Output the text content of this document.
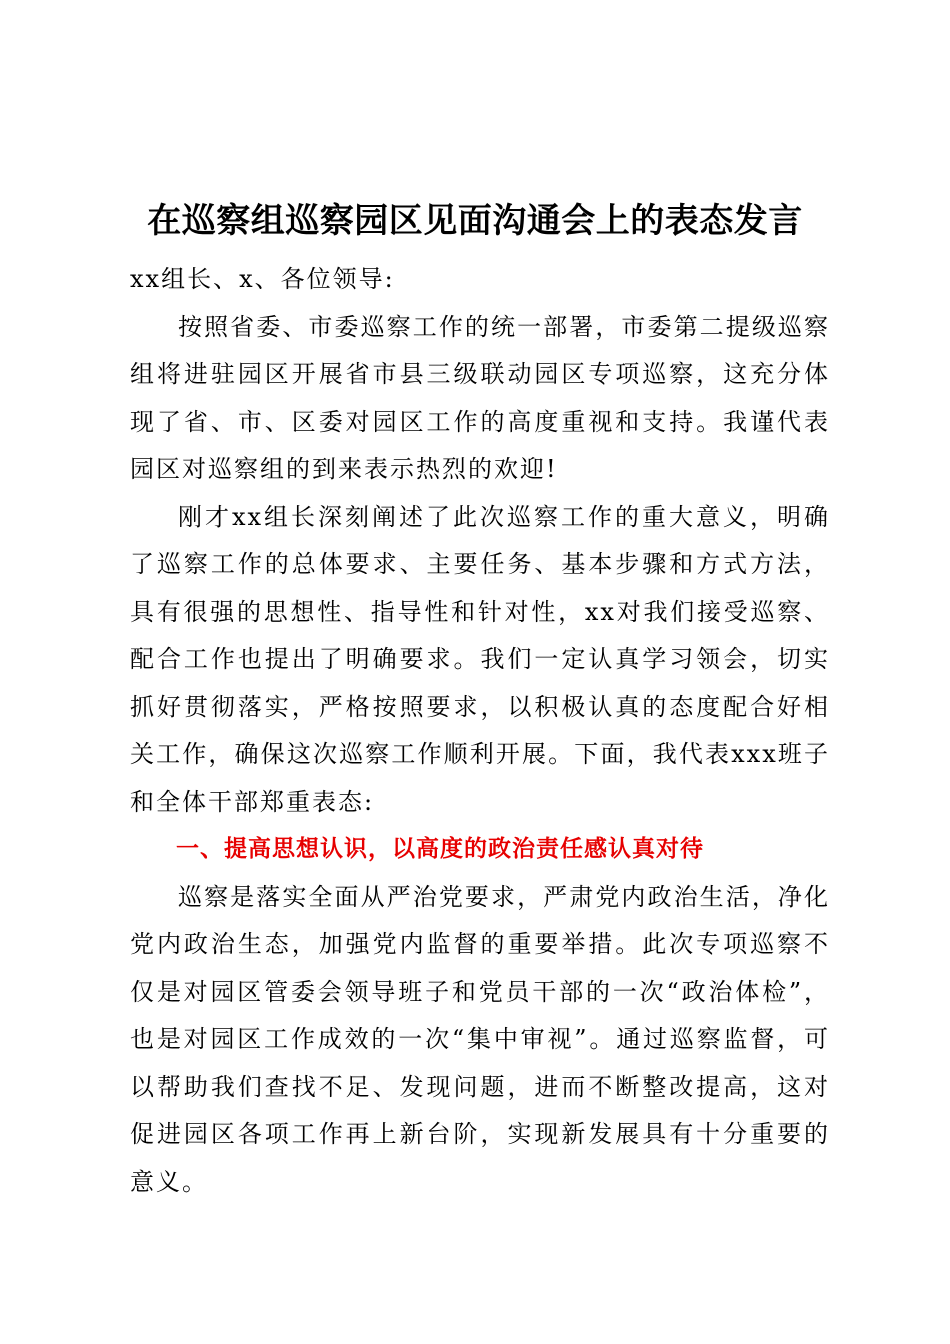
在巡察组巡察园区见面沟通会上的表态发言

xx组长、x、各位领导:

按照省委、市委巡察工作的统一部署，市委第二提级巡察组将进驻园区开展省市县三级联动园区专项巡察，这充分体现了省、市、区委对园区工作的高度重视和支持。我谨代表园区对巡察组的到来表示热烈的欢迎!

刚才xx组长深刻阐述了此次巡察工作的重大意义，明确了巡察工作的总体要求、主要任务、基本步骤和方式方法，具有很强的思想性、指导性和针对性，xx对我们接受巡察、配合工作也提出了明确要求。我们一定认真学习领会，切实抓好贯彻落实，严格按照要求，以积极认真的态度配合好相关工作，确保这次巡察工作顺利开展。下面，我代表xxx班子和全体干部郑重表态:

一、提高思想认识，以高度的政治责任感认真对待

巡察是落实全面从严治党要求，严肃党内政治生活，净化党内政治生态，加强党内监督的重要举措。此次专项巡察不仅是对园区管委会领导班子和党员干部的一次“政治体检”，也是对园区工作成效的一次“集中审视”。通过巡察监督，可以帮助我们查找不足、发现问题，进而不断整改提高，这对促进园区各项工作再上新台阶，实现新发展具有十分重要的意义。
